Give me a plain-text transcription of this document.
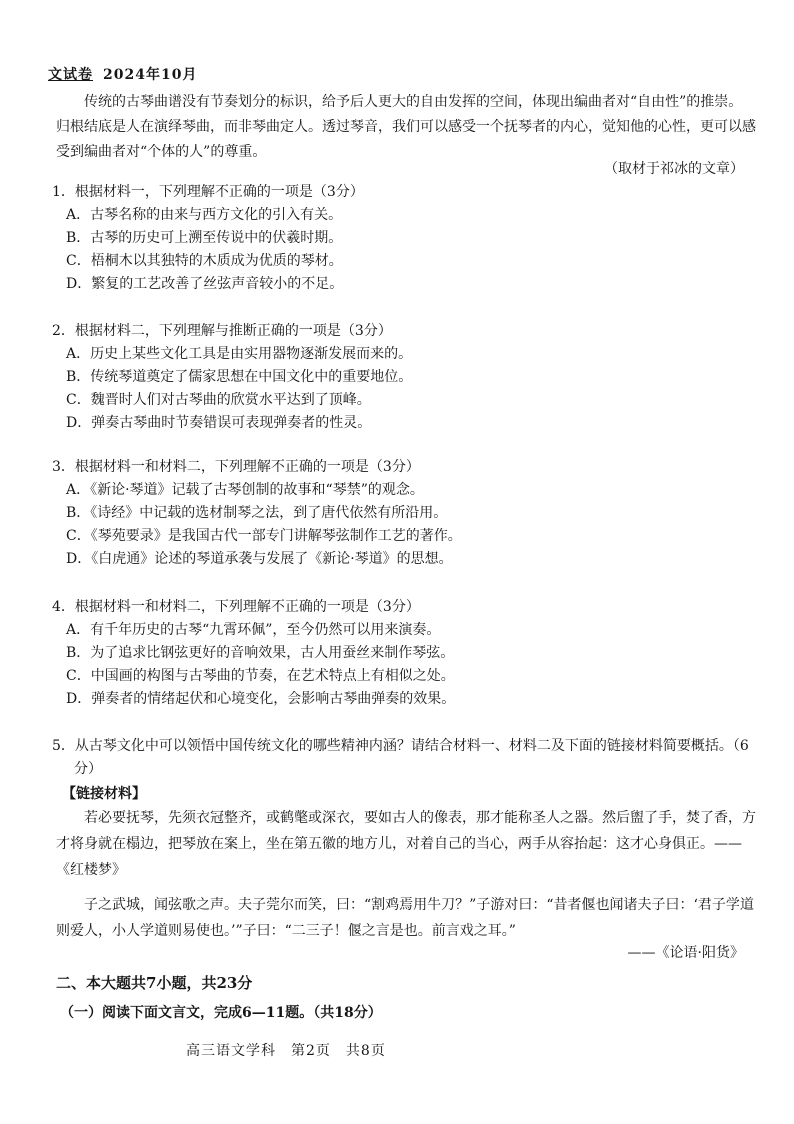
文试卷 2024年10月
传统的古琴曲谱没有节奏划分的标识，给予后人更大的自由发挥的空间，体现出编曲者对“自由性”的推崇。归根结底是人在演绎琴曲，而非琴曲定人。透过琴音，我们可以感受一个抚琴者的内心，觉知他的心性，更可以感受到编曲者对“个体的人”的尊重。
（取材于祁冰的文章）
1．根据材料一，下列理解不正确的一项是（3分）
A．古琴名称的由来与西方文化的引入有关。
B．古琴的历史可上溯至传说中的伏羲时期。
C．梧桐木以其独特的木质成为优质的琴材。
D．繁复的工艺改善了丝弦声音较小的不足。
2．根据材料二，下列理解与推断正确的一项是（3分）
A．历史上某些文化工具是由实用器物逐渐发展而来的。
B．传统琴道奠定了儒家思想在中国文化中的重要地位。
C．魏晋时人们对古琴曲的欣赏水平达到了顶峰。
D．弹奏古琴曲时节奏错误可表现弹奏者的性灵。
3．根据材料一和材料二，下列理解不正确的一项是（3分）
A．《新论·琴道》记载了古琴创制的故事和“琴禁”的观念。
B．《诗经》中记载的选材制琴之法，到了唐代依然有所沿用。
C．《琴苑要录》是我国古代一部专门讲解琴弦制作工艺的著作。
D．《白虎通》论述的琴道承袭与发展了《新论·琴道》的思想。
4．根据材料一和材料二，下列理解不正确的一项是（3分）
A．有千年历史的古琴“九霄环佩”，至今仍然可以用来演奏。
B．为了追求比钢弦更好的音响效果，古人用蚕丝来制作琴弦。
C．中国画的构图与古琴曲的节奏，在艺术特点上有相似之处。
D．弹奏者的情绪起伏和心境变化，会影响古琴曲弹奏的效果。
5．从古琴文化中可以领悟中国传统文化的哪些精神内涵？请结合材料一、材料二及下面的链接材料简要概括。（6分）
【链接材料】
若必要抚琴，先须衣冠整齐，或鹤氅或深衣，要如古人的像表，那才能称圣人之器。然后盥了手，焚了香，方才将身就在榻边，把琴放在案上，坐在第五徽的地方儿，对着自己的当心，两手从容抬起：这才心身俱正。——《红楼梦》
子之武城，闻弦歌之声。夫子莞尔而笑，曰：“割鸡焉用牛刀？”子游对曰：“昔者偃也闻诸夫子曰：‘君子学道则爱人，小人学道则易使也。’”子曰：“二三子！偃之言是也。前言戏之耳。”
——《论语·阳货》
二、本大题共7小题，共23分
（一）阅读下面文言文，完成6—11题。（共18分）
高三语文学科　第2页　共8页
